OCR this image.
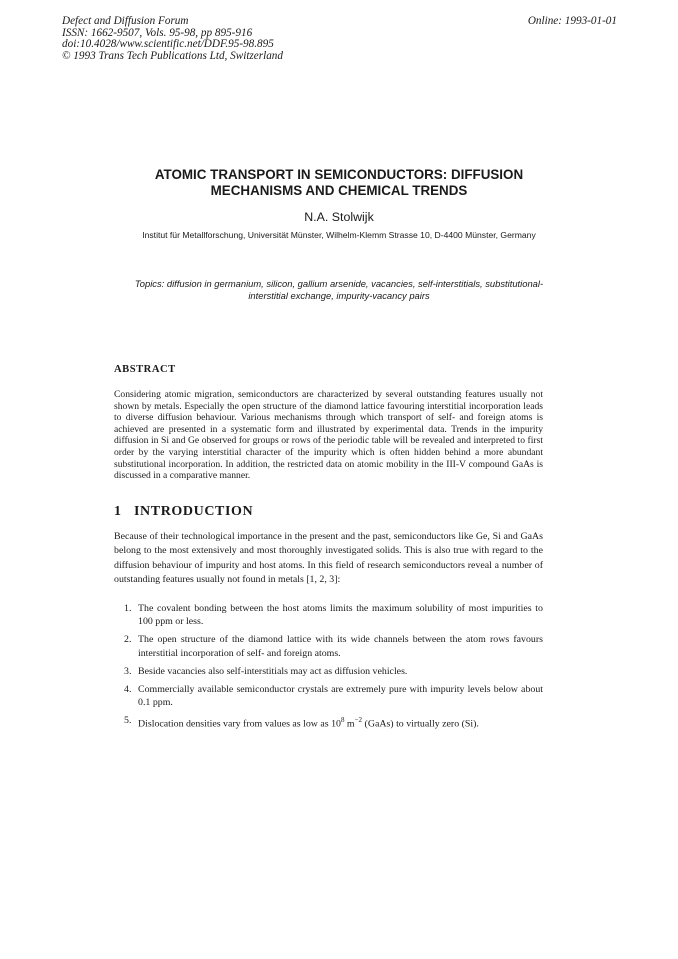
Defect and Diffusion Forum
ISSN: 1662-9507, Vols. 95-98, pp 895-916
doi:10.4028/www.scientific.net/DDF.95-98.895
© 1993 Trans Tech Publications Ltd, Switzerland
Online: 1993-01-01
ATOMIC TRANSPORT IN SEMICONDUCTORS: DIFFUSION
MECHANISMS AND CHEMICAL TRENDS
N.A. Stolwijk
Institut für Metallforschung, Universität Münster, Wilhelm-Klemm Strasse 10, D-4400 Münster, Germany
Topics: diffusion in germanium, silicon, gallium arsenide, vacancies, self-interstitials, substitutional-
interstitial exchange, impurity-vacancy pairs
ABSTRACT
Considering atomic migration, semiconductors are characterized by several outstanding features usually not shown by metals. Especially the open structure of the diamond lattice favouring interstitial incorporation leads to diverse diffusion behaviour. Various mechanisms through which transport of self- and foreign atoms is achieved are presented in a systematic form and illustrated by experimental data. Trends in the impurity diffusion in Si and Ge observed for groups or rows of the periodic table will be revealed and interpreted to first order by the varying interstitial character of the impurity which is often hidden behind a more abundant substitutional incorporation. In addition, the restricted data on atomic mobility in the III-V compound GaAs is discussed in a comparative manner.
1 INTRODUCTION
Because of their technological importance in the present and the past, semiconductors like Ge, Si and GaAs belong to the most extensively and most thoroughly investigated solids. This is also true with regard to the diffusion behaviour of impurity and host atoms. In this field of research semiconductors reveal a number of outstanding features usually not found in metals [1, 2, 3]:
1. The covalent bonding between the host atoms limits the maximum solubility of most impurities to 100 ppm or less.
2. The open structure of the diamond lattice with its wide channels between the atom rows favours interstitial incorporation of self- and foreign atoms.
3. Beside vacancies also self-interstitials may act as diffusion vehicles.
4. Commercially available semiconductor crystals are extremely pure with impurity levels below about 0.1 ppm.
5. Dislocation densities vary from values as low as $10^8$ $m^{-2}$ (GaAs) to virtually zero (Si).
